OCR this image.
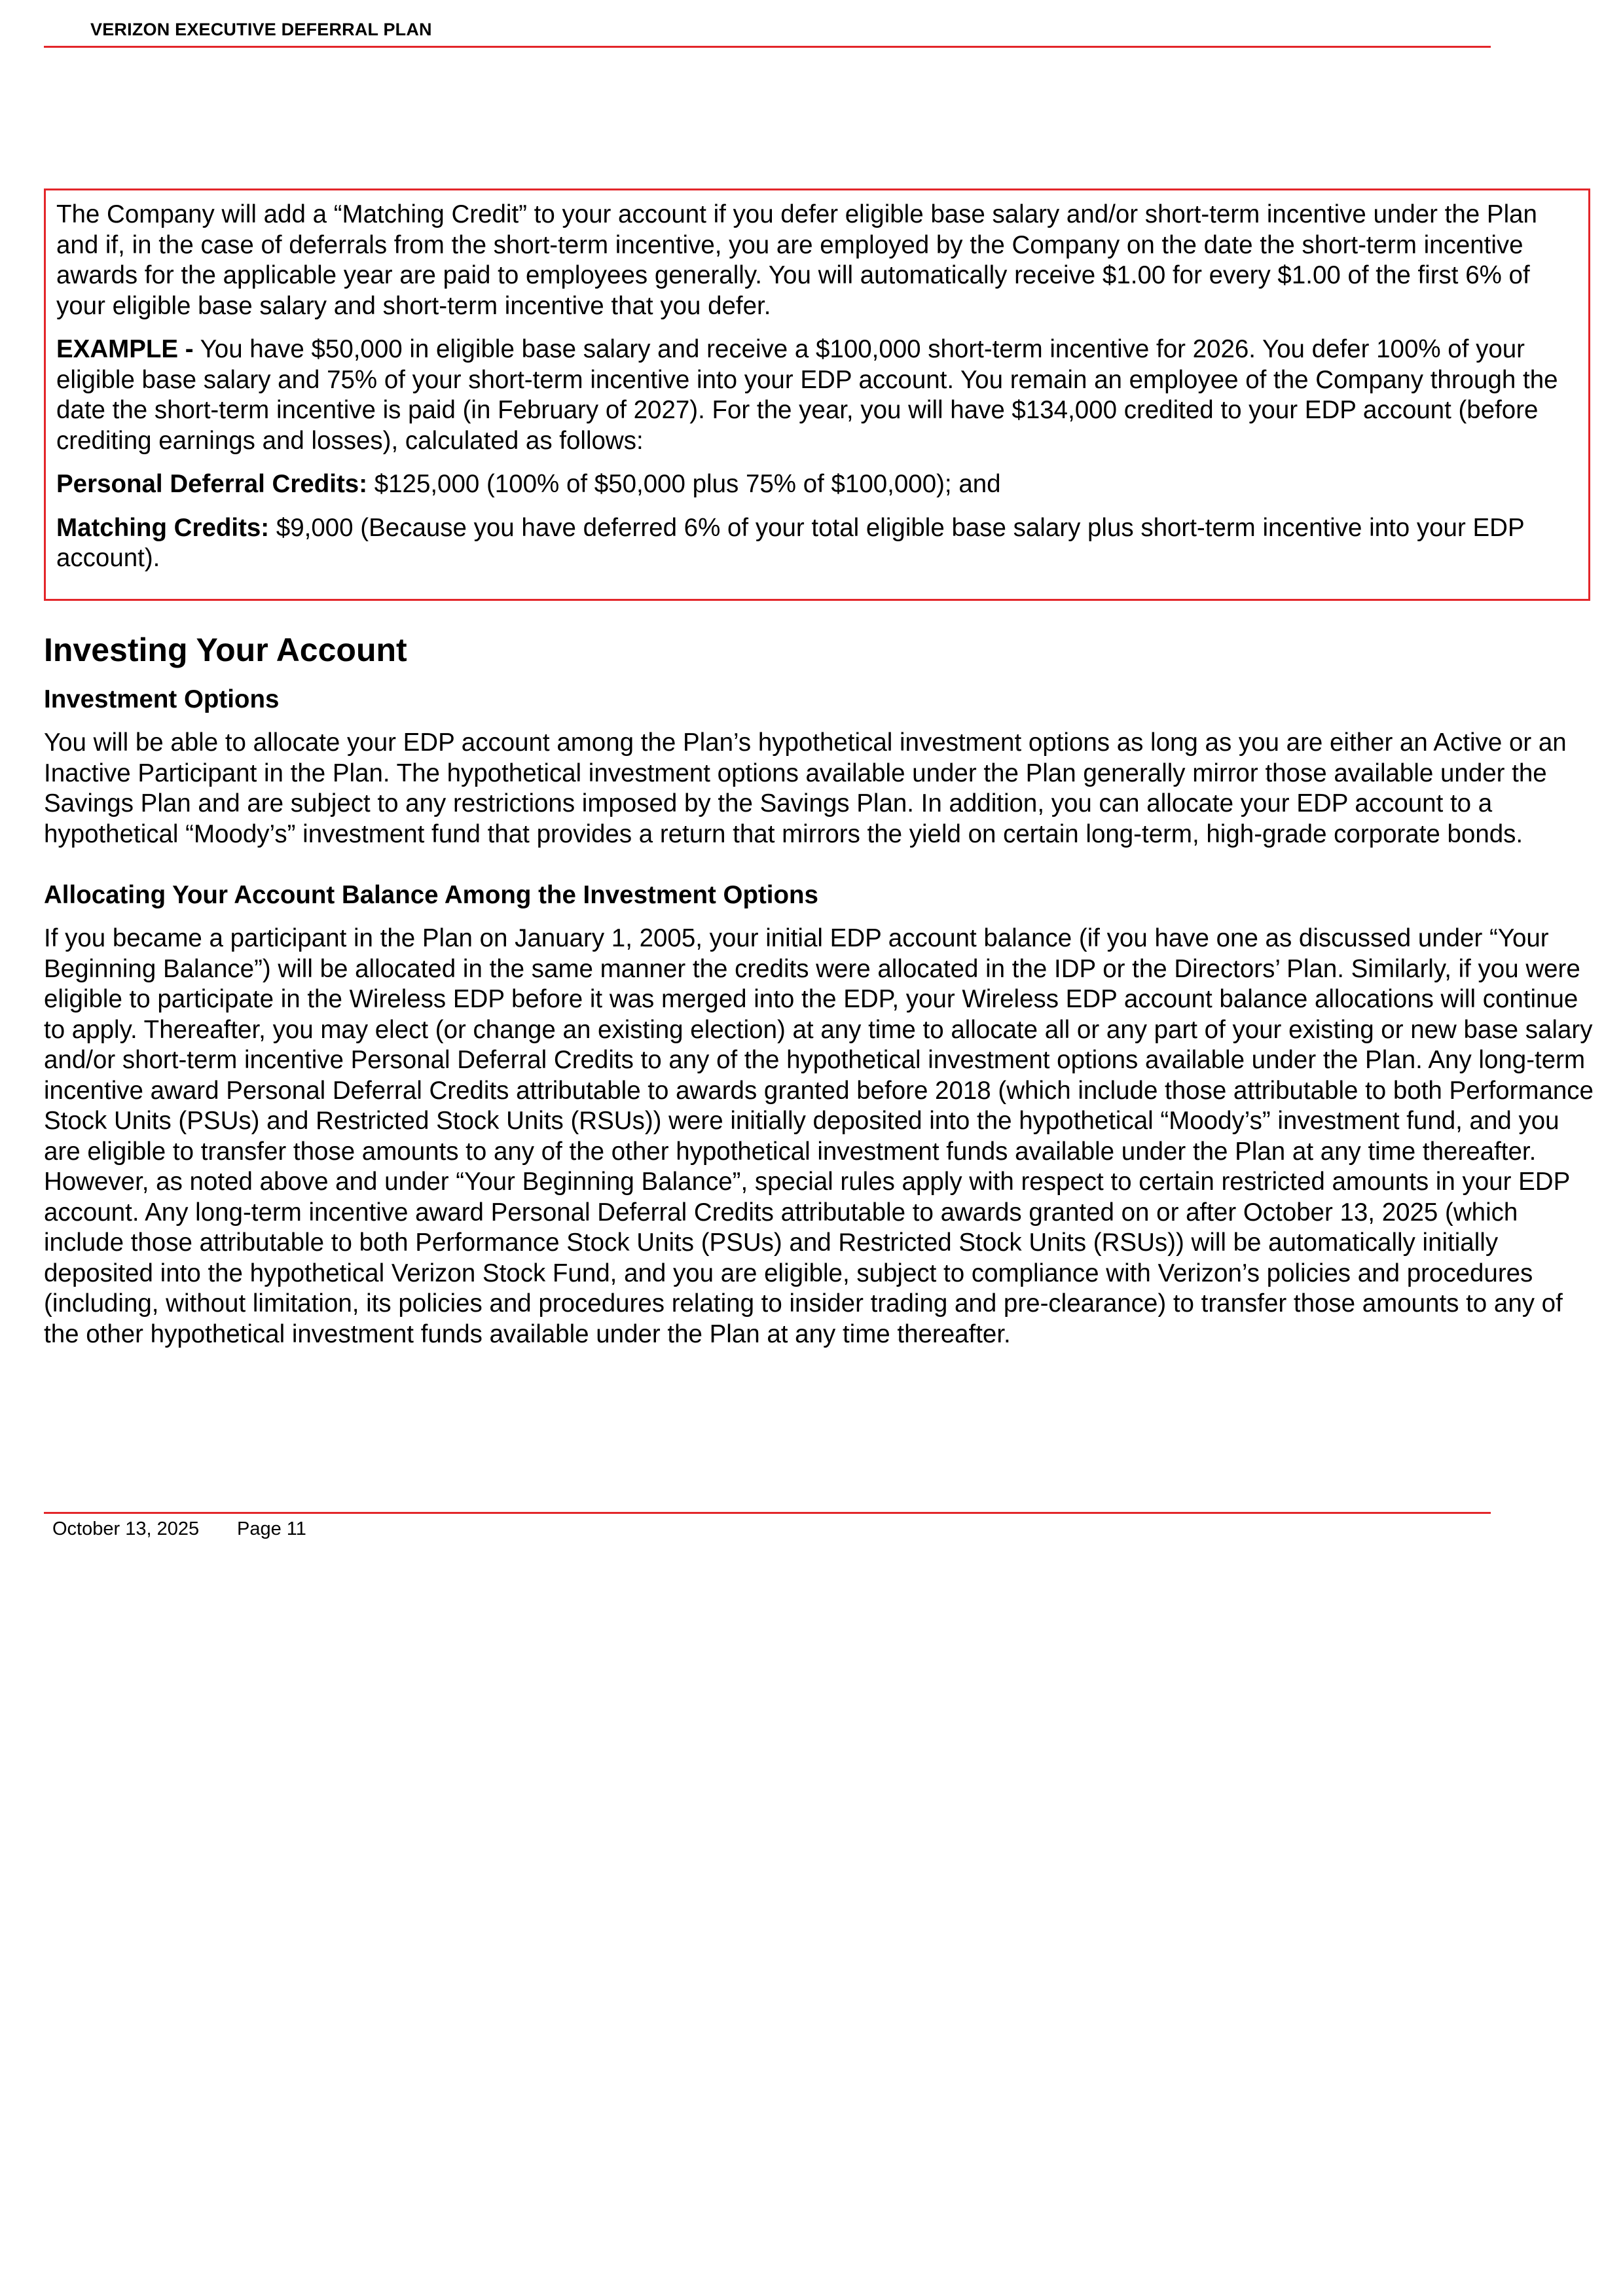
VERIZON EXECUTIVE DEFERRAL PLAN

The Company will add a “Matching Credit” to your account if you defer eligible base salary and/or short-term incentive under the Plan and if, in the case of deferrals from the short-term incentive, you are employed by the Company on the date the short-term incentive awards for the applicable year are paid to employees generally. You will automatically receive $1.00 for every $1.00 of the first 6% of your eligible base salary and short-term incentive that you defer.

EXAMPLE - You have $50,000 in eligible base salary and receive a $100,000 short-term incentive for 2026. You defer 100% of your eligible base salary and 75% of your short-term incentive into your EDP account. You remain an employee of the Company through the date the short-term incentive is paid (in February of 2027). For the year, you will have $134,000 credited to your EDP account (before crediting earnings and losses), calculated as follows:

Personal Deferral Credits: $125,000 (100% of $50,000 plus 75% of $100,000); and

Matching Credits: $9,000 (Because you have deferred 6% of your total eligible base salary plus short-term incentive into your EDP account).

Investing Your Account
Investment Options

You will be able to allocate your EDP account among the Plan’s hypothetical investment options as long as you are either an Active or an Inactive Participant in the Plan. The hypothetical investment options available under the Plan generally mirror those available under the Savings Plan and are subject to any restrictions imposed by the Savings Plan. In addition, you can allocate your EDP account to a hypothetical “Moody’s” investment fund that provides a return that mirrors the yield on certain long-term, high-grade corporate bonds.

Allocating Your Account Balance Among the Investment Options

If you became a participant in the Plan on January 1, 2005, your initial EDP account balance (if you have one as discussed under “Your Beginning Balance”) will be allocated in the same manner the credits were allocated in the IDP or the Directors’ Plan. Similarly, if you were eligible to participate in the Wireless EDP before it was merged into the EDP, your Wireless EDP account balance allocations will continue to apply. Thereafter, you may elect (or change an existing election) at any time to allocate all or any part of your existing or new base salary and/or short-term incentive Personal Deferral Credits to any of the hypothetical investment options available under the Plan. Any long-term incentive award Personal Deferral Credits attributable to awards granted before 2018 (which include those attributable to both Performance Stock Units (PSUs) and Restricted Stock Units (RSUs)) were initially deposited into the hypothetical “Moody’s” investment fund, and you are eligible to transfer those amounts to any of the other hypothetical investment funds available under the Plan at any time thereafter. However, as noted above and under “Your Beginning Balance”, special rules apply with respect to certain restricted amounts in your EDP account. Any long-term incentive award Personal Deferral Credits attributable to awards granted on or after October 13, 2025 (which include those attributable to both Performance Stock Units (PSUs) and Restricted Stock Units (RSUs)) will be automatically initially deposited into the hypothetical Verizon Stock Fund, and you are eligible, subject to compliance with Verizon’s policies and procedures (including, without limitation, its policies and procedures relating to insider trading and pre-clearance) to transfer those amounts to any of the other hypothetical investment funds available under the Plan at any time thereafter.

October 13, 2025 Page 11
